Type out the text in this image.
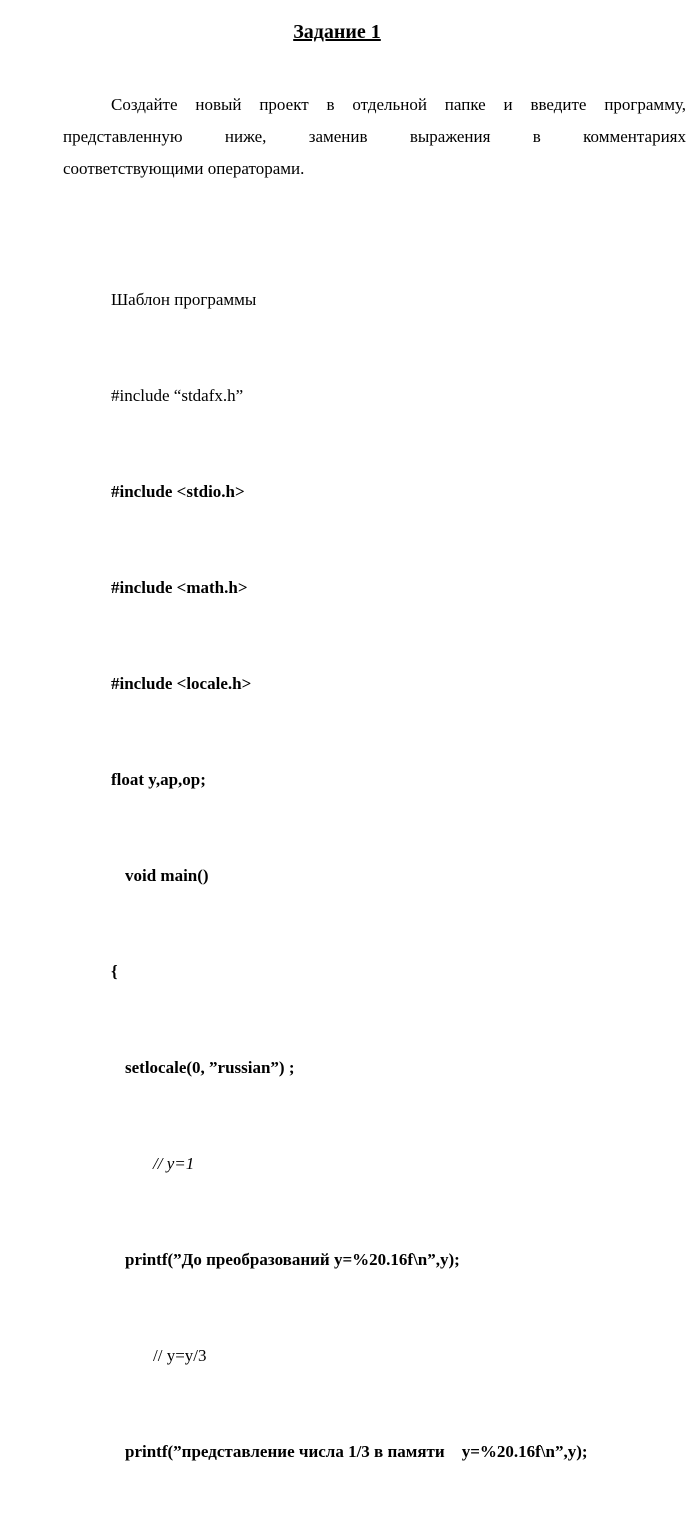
Задание 1
Создайте новый проект в отдельной папке и введите программу,
представленную ниже, заменив выражения в комментариях
соответствующими операторами.

Шаблон программы

#include “stdafx.h”

#include <stdio.h>

#include <math.h>

#include <locale.h>

float y,ap,op;

void main()

{

setlocale(0, ”russian”) ;

// y=1

printf(”До преобразований y=%20.16f\n”,y);

// y=y/3

printf(”представление числа 1/3 в памяти    y=%20.16f\n”,y);
